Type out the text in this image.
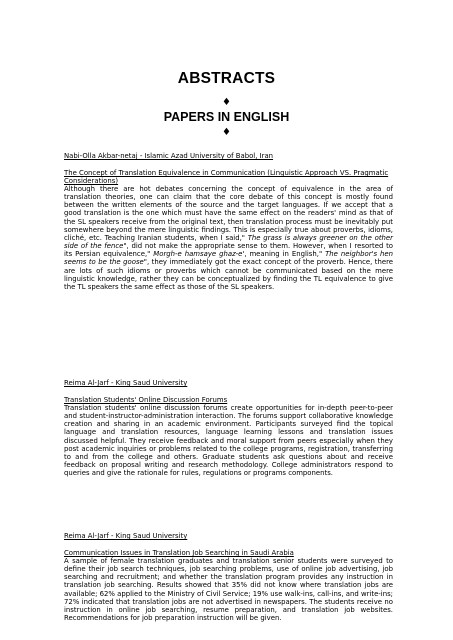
ABSTRACTS
♦
PAPERS IN ENGLISH
♦

Nabi-Olla Akbar-netaj - Islamic Azad University of Babol, Iran

The Concept of Translation Equivalence in Communication (Linguistic Approach VS. Pragmatic Considerations)

Although there are hot debates concerning the concept of equivalence in the area of translation theories, one can claim that the core debate of this concept is mostly found between the written elements of the source and the target languages. If we accept that a good translation is the one which must have the same effect on the readers' mind as that of the SL speakers receive from the original text, then translation process must be inevitably put somewhere beyond the mere linguistic findings. This is especially true about proverbs, idioms, cliché, etc. Teaching Iranian students, when I said," The grass is always greener on the other side of the fence", did not make the appropriate sense to them. However, when I resorted to its Persian equivalence," Morgh-e hamsaye ghaz-e', meaning in English," The neighbor's hen seems to be the goose", they immediately got the exact concept of the proverb. Hence, there are lots of such idioms or proverbs which cannot be communicated based on the mere linguistic knowledge, rather they can be conceptualized by finding the TL equivalence to give the TL speakers the same effect as those of the SL speakers.

Reima Al-Jarf - King Saud University

Translation Students' Online Discussion Forums

Translation students' online discussion forums create opportunities for in-depth peer-to-peer and student-instructor-administration interaction. The forums support collaborative knowledge creation and sharing in an academic environment. Participants surveyed find the topical language and translation resources, language learning lessons and translation issues discussed helpful. They receive feedback and moral support from peers especially when they post academic inquiries or problems related to the college programs, registration, transferring to and from the college and others. Graduate students ask questions about and receive feedback on proposal writing and research methodology. College administrators respond to queries and give the rationale for rules, regulations or programs components.

Reima Al-Jarf - King Saud University

Communication Issues in Translation Job Searching in Saudi Arabia

A sample of female translation graduates and translation senior students were surveyed to define their job search techniques, job searching problems, use of online job advertising, job searching and recruitment; and whether the translation program provides any instruction in translation job searching. Results showed that 35% did not know where translation jobs are available; 62% applied to the Ministry of Civil Service; 19% use walk-ins, call-ins, and write-ins; 72% indicated that translation jobs are not advertised in newspapers. The students receive no instruction in online job searching, resume preparation, and translation job websites. Recommendations for job preparation instruction will be given.
